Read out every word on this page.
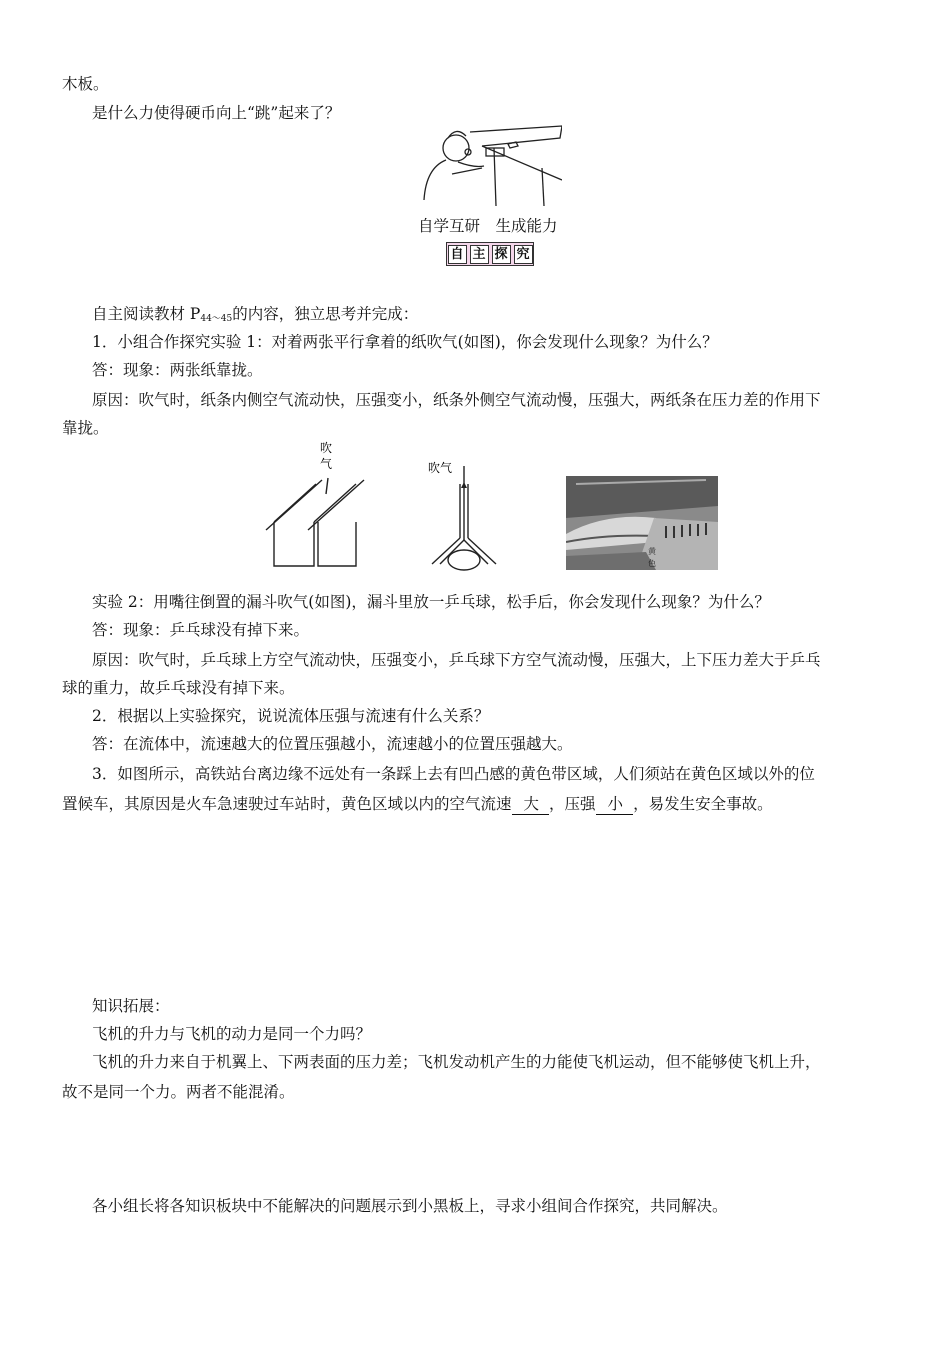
木板。
是什么力使得硬币向上“跳”起来了？
自学互研　生成能力
自 主 探 究
自主阅读教材 $P_{44\sim 45}$的内容，独立思考并完成：
1．小组合作探究实验 1：对着两张平行拿着的纸吹气(如图)，你会发现什么现象？为什么？
答：现象：两张纸靠拢。
原因：吹气时，纸条内侧空气流动快，压强变小，纸条外侧空气流动慢，压强大，两纸条在压力差的作用下
靠拢。
吹
气	吹气
黄
色
实验 2：用嘴往倒置的漏斗吹气(如图)，漏斗里放一乒乓球，松手后，你会发现什么现象？为什么？
答：现象：乒乓球没有掉下来。
原因：吹气时，乒乓球上方空气流动快，压强变小，乒乓球下方空气流动慢，压强大，上下压力差大于乒乓
球的重力，故乒乓球没有掉下来。
2．根据以上实验探究，说说流体压强与流速有什么关系？
答：在流体中，流速越大的位置压强越小，流速越小的位置压强越大。
3．如图所示，高铁站台离边缘不远处有一条踩上去有凹凸感的黄色带区域，人们须站在黄色区域以外的位
置候车，其原因是火车急速驶过车站时，黄色区域以内的空气流速 大 ，压强 小 ，易发生安全事故。
知识拓展：
飞机的升力与飞机的动力是同一个力吗？
飞机的升力来自于机翼上、下两表面的压力差；飞机发动机产生的力能使飞机运动，但不能够使飞机上升，
故不是同一个力。两者不能混淆。
各小组长将各知识板块中不能解决的问题展示到小黑板上，寻求小组间合作探究，共同解决。
